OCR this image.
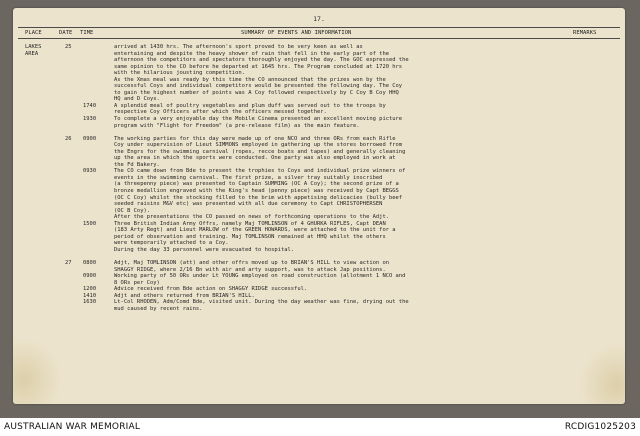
17.
PLACE	DATE TIME	SUMMARY OF EVENTS AND INFORMATION	REMARKS
LAKES	25	arrived at 1430 hrs. The afternoon's sport proved to be very keen as well as
AREA	entertaining and despite the heavy shower of rain that fell in the early part of the
afternoon the competitors and spectators thoroughly enjoyed the day. The GOC expressed the
same opinion to the CO before he departed at 1645 hrs. The Program concluded at 1720 hrs
with the hilarious jousting competition.
As the Xmas meal was ready by this time the CO announced that the prizes won by the
successful Coys and individual competitors would be presented the following day. The Coy
to gain the highest number of points was A Coy followed respectively by C Coy B Coy HHQ
HQ and D Coys.
1740	A splendid meal of poultry vegetables and plum duff was served out to the troops by
respective Coy Officers after which the officers messed together.
1930	To complete a very enjoyable day the Mobile Cinema presented an excellent moving picture
program with "Flight for Freedom" (a pre-release film) as the main feature.
26 0900	The working parties for this day were made up of one NCO and three ORs from each Rifle
Coy under supervision of Lieut SIMMONS employed in gathering up the stores borrowed from
the Engrs for the swimming carnival (ropes, recce boats and tapes) and generally cleaning
up the area in which the sports were conducted. One party was also employed in work at
the Fd Bakery.
0930	The CO came down from Bde to present the trophies to Coys and individual prize winners of
events in the swimming carnival. The first prize, a silver tray suitably inscribed
(a threepenny piece) was presented to Captain SUMMING (OC A Coy); the second prize of a
bronze medallion engraved with the King's head (penny piece) was received by Capt BEGGS
(OC C Coy) whilst the stocking filled to the brim with appetising delicacies (bully beef
seeded raisins M&V etc) was presented with all due ceremony to Capt CHRISTOPHERSEN
(OC B Coy).
After the presentations the CO passed on news of forthcoming operations to the Adjt.
1500	Three British Indian Army Offrs, namely Maj TOMLINSON of 4 GHURKA RIFLES, Capt DEAN
(183 Arty Regt) and Lieut MARLOW of the GREEN HOWARDS, were attached to the unit for a
period of observation and training. Maj TOMLINSON remained at HHQ whilst the others
were temporarily attached to a Coy.
During the day 33 personnel were evacuated to hospital.
27 0800	Adjt, Maj TOMLINSON (att) and other offrs moved up to BRIAN'S HILL to view action on
SHAGGY RIDGE, where 2/16 Bn with air and arty support, was to attack Jap positions.
0900	Working party of 50 ORs under Lt YOUNG employed on road construction (allotment 1 NCO and
8 ORs per Coy)
1200	Advice received from Bde action on SHAGGY RIDGE successful.
1410	Adjt and others returned from BRIAN'S HILL.
1630	Lt-Col RHODEN, Adm/Comd Bde, visited unit. During the day weather was fine, drying out the
mud caused by recent rains.
AUSTRALIAN WAR MEMORIAL	RCDIG1025203
